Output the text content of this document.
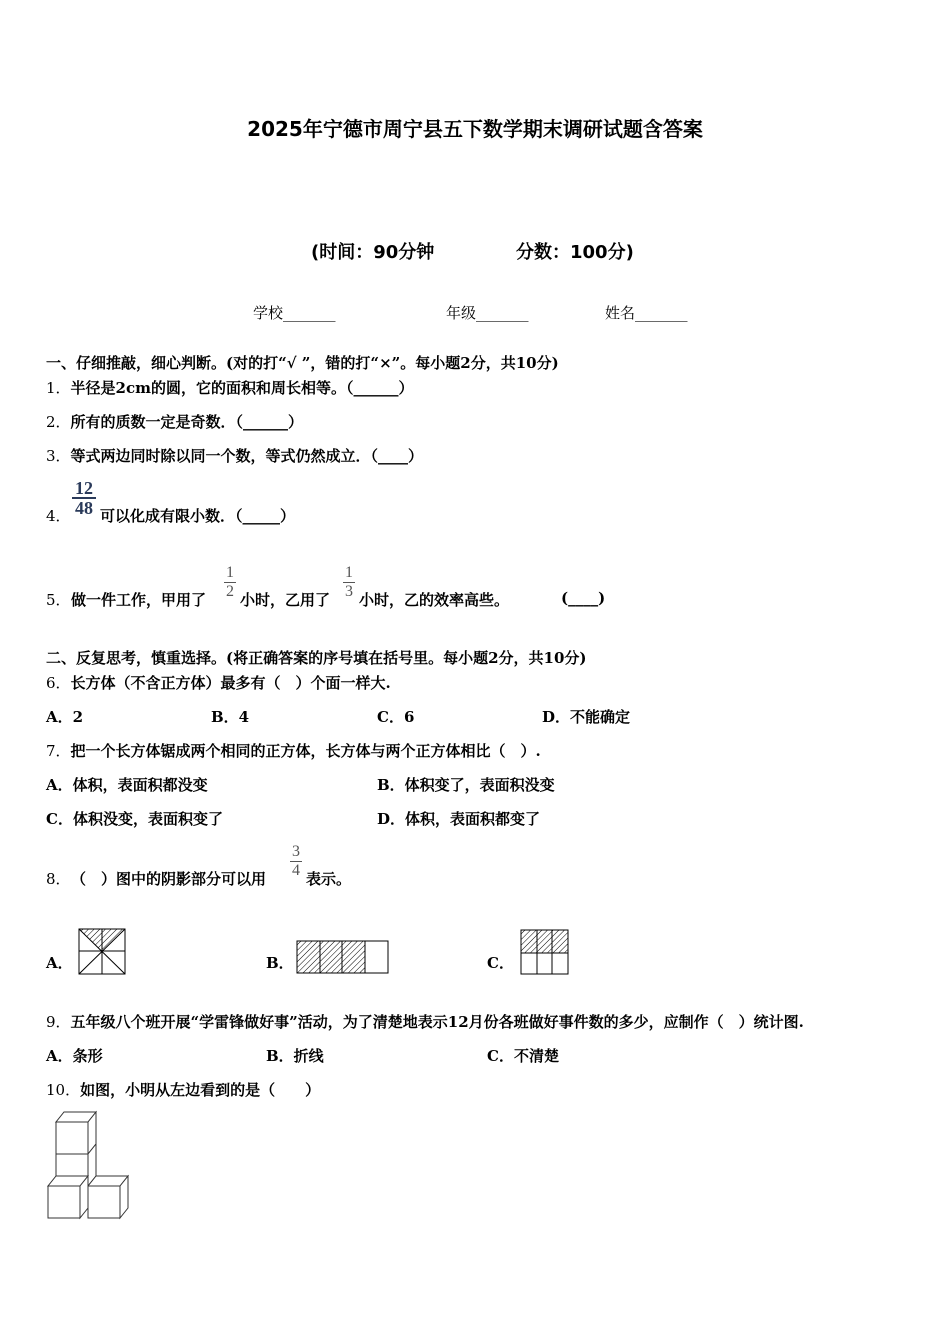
2025年宁德市周宁县五下数学期末调研试题含答案
(时间：90分钟	分数：100分)
学校_______	年级_______	姓名_______
一、仔细推敲，细心判断。(对的打“√ ”，错的打“×”。每小题2分，共10分)
1．半径是2cm的圆，它的面积和周长相等。（______）
2．所有的质数一定是奇数．（______）
3．等式两边同时除以同一个数，等式仍然成立．（____）
4． $\frac{12}{48}$ 可以化成有限小数．（_____）
5． 做一件工作，甲用了 $\frac{1}{2}$ 小时，乙用了 $\frac{1}{3}$ 小时，乙的效率高些。	(____)
二、反复思考，慎重选择。(将正确答案的序号填在括号里。每小题2分，共10分)
6．长方体（不含正方体）最多有（　）个面一样大.
A．2	B．4	C．6	D．不能确定
7．把一个长方体锯成两个相同的正方体，长方体与两个正方体相比（　）.
A．体积，表面积都没变	B．体积变了，表面积没变
C．体积没变，表面积变了	D．体积，表面积都变了
8． （　）图中的阴影部分可以用 $\frac{3}{4}$ 表示。
A．	B．	C．
9．五年级八个班开展“学雷锋做好事”活动，为了清楚地表示12月份各班做好事件数的多少，应制作（　）统计图.
A．条形	B．折线	C．不清楚
10．如图，小明从左边看到的是（　　）
